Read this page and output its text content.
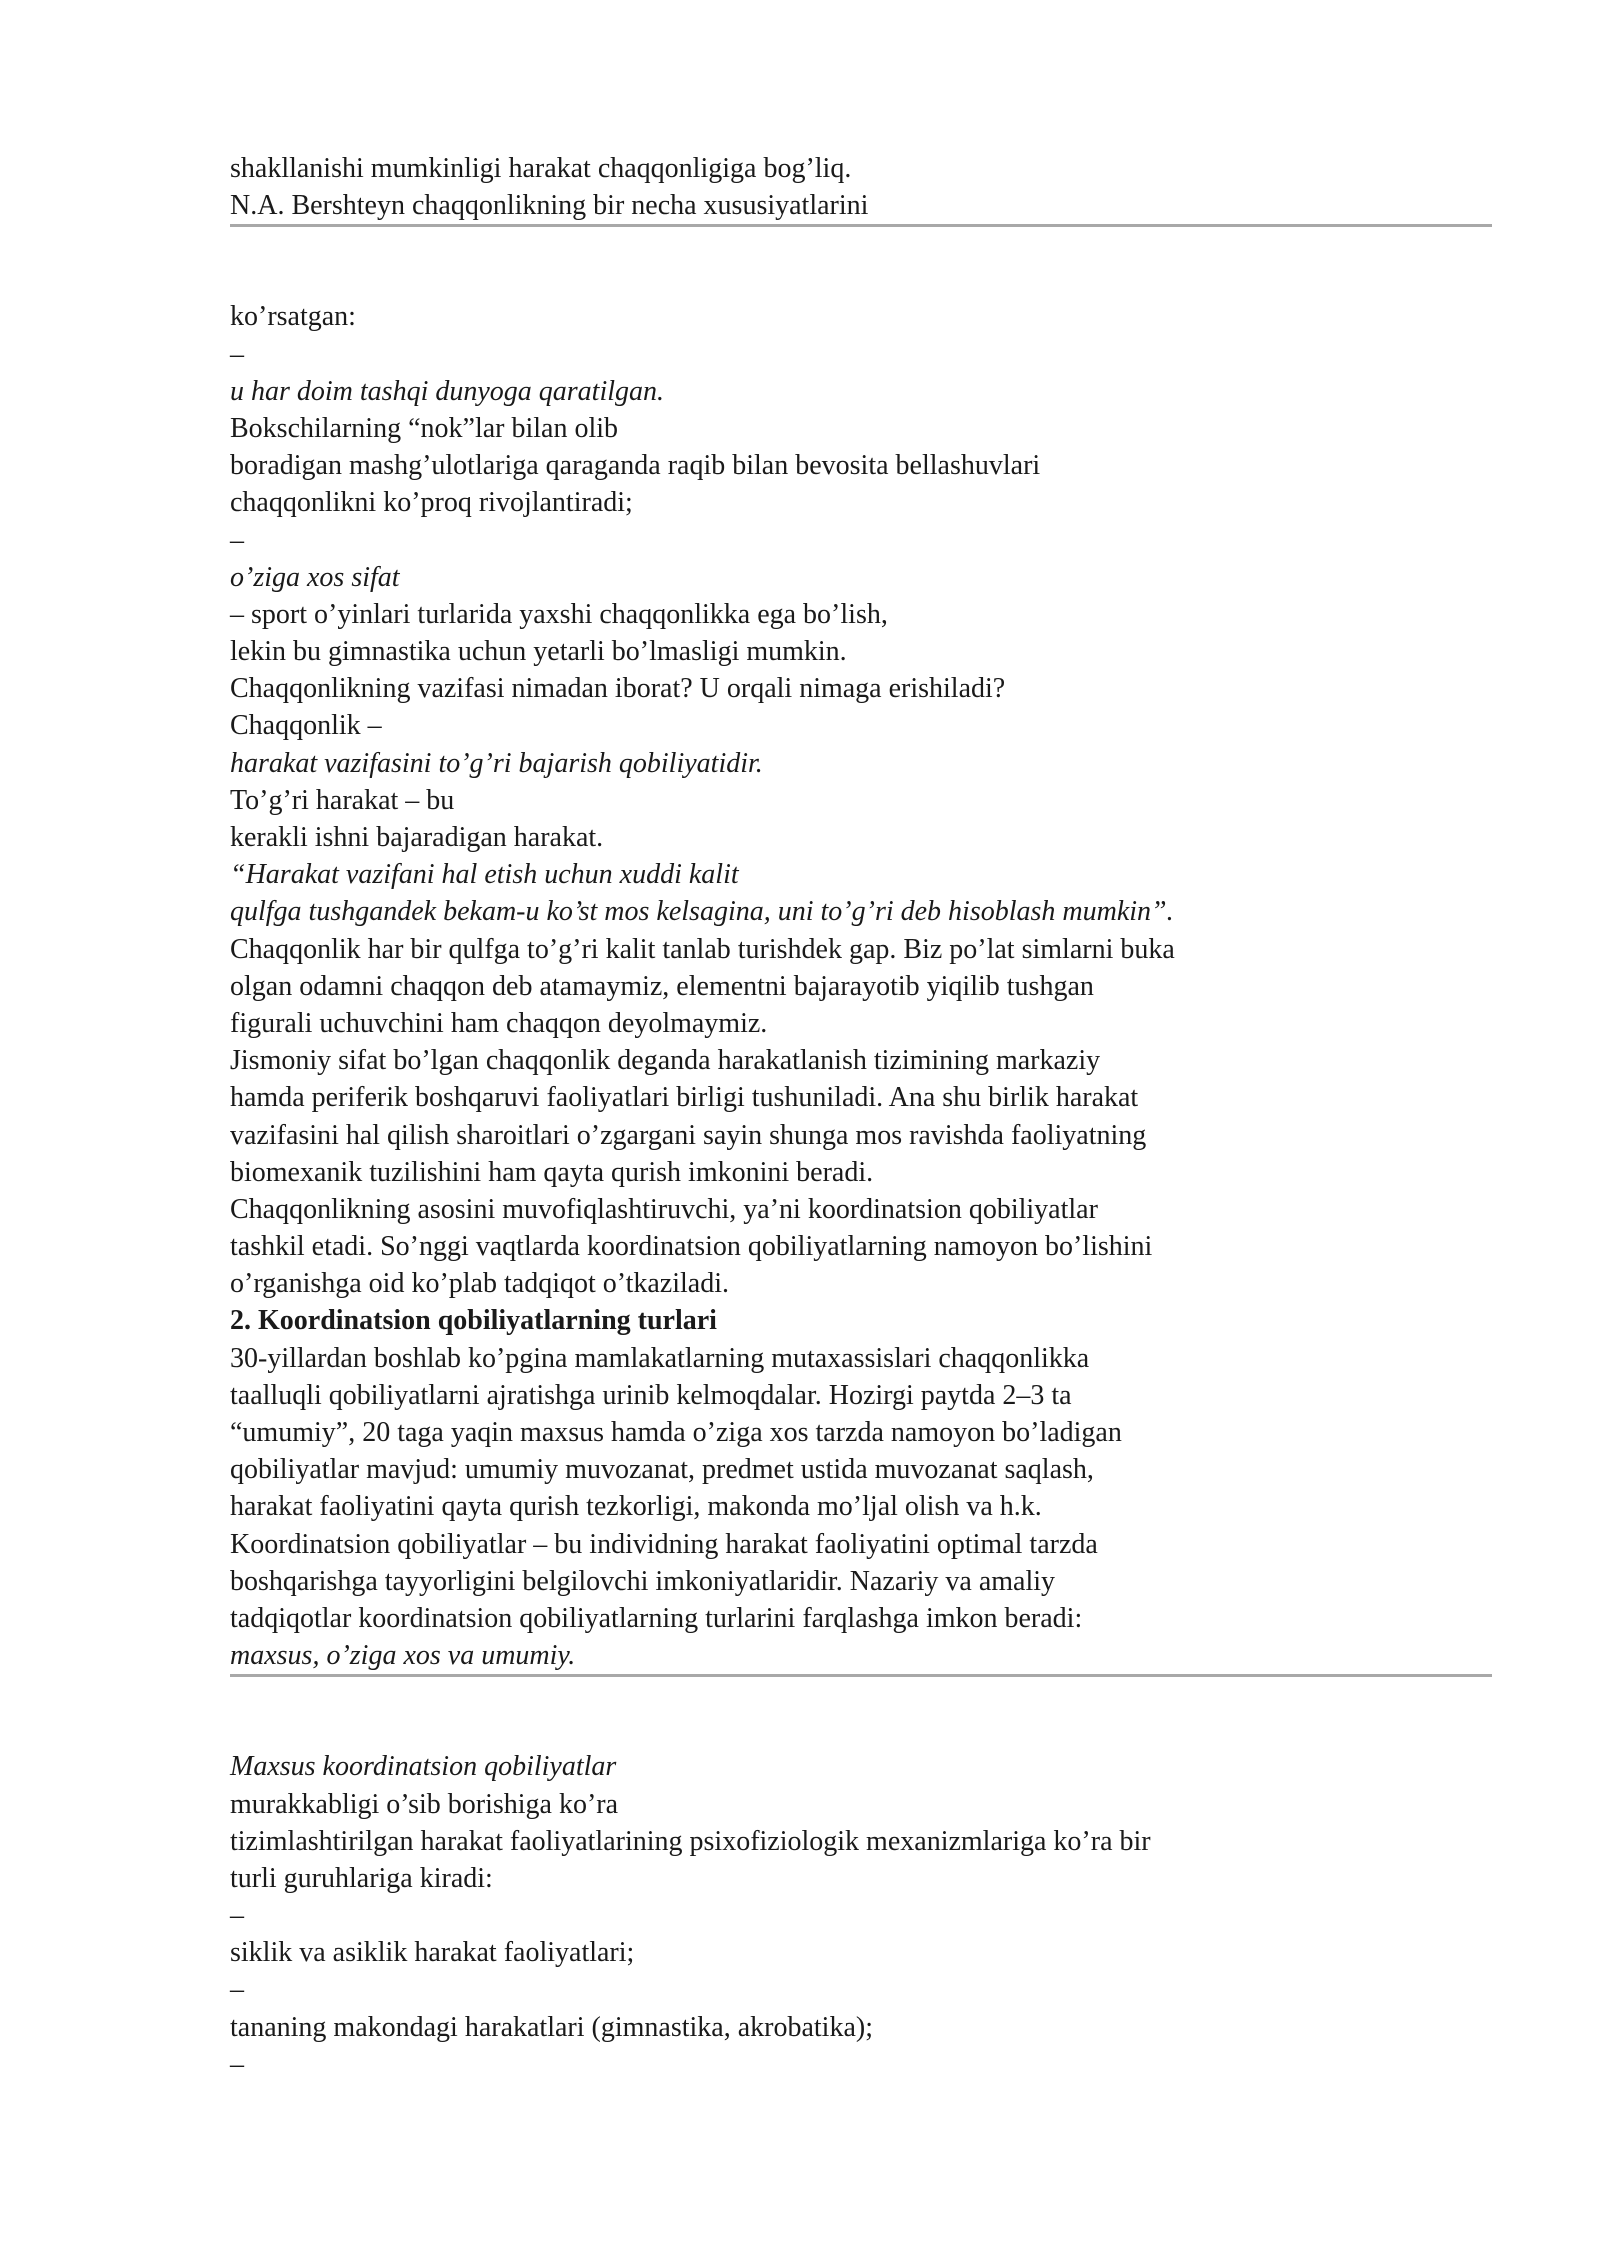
shakllanishi mumkinligi harakat chaqqonligiga bog’liq.
N.A. Bershteyn chaqqonlikning bir necha xususiyatlarini
ko’rsatgan:
–
u har doim tashqi dunyoga qaratilgan.
Bokschilarning “nok”lar bilan olib
boradigan mashg’ulotlariga qaraganda raqib bilan bevosita bellashuvlari
chaqqonlikni ko’proq rivojlantiradi;
–
o’ziga xos sifat
– sport o’yinlari turlarida yaxshi chaqqonlikka ega bo’lish,
lekin bu gimnastika uchun yetarli bo’lmasligi mumkin.
Chaqqonlikning vazifasi nimadan iborat? U orqali nimaga erishiladi?
Chaqqonlik –
harakat vazifasini to’g’ri bajarish qobiliyatidir.
To’g’ri harakat – bu
kerakli ishni bajaradigan harakat.
“Harakat vazifani hal etish uchun xuddi kalit
qulfga tushgandek bekam-u ko’st mos kelsagina, uni to’g’ri deb hisoblash mumkin”.
Chaqqonlik har bir qulfga to’g’ri kalit tanlab turishdek gap. Biz po’lat simlarni buka
olgan odamni chaqqon deb atamaymiz, elementni bajarayotib yiqilib tushgan
figurali uchuvchini ham chaqqon deyolmaymiz.
Jismoniy sifat bo’lgan chaqqonlik deganda harakatlanish tizimining markaziy
hamda periferik boshqaruvi faoliyatlari birligi tushuniladi. Ana shu birlik harakat
vazifasini hal qilish sharoitlari o’zgargani sayin shunga mos ravishda faoliyatning
biomexanik tuzilishini ham qayta qurish imkonini beradi.
Chaqqonlikning asosini muvofiqlashtiruvchi, ya’ni koordinatsion qobiliyatlar
tashkil etadi. So’nggi vaqtlarda koordinatsion qobiliyatlarning namoyon bo’lishini
o’rganishga oid ko’plab tadqiqot o’tkaziladi.
2. Koordinatsion qobiliyatlarning turlari
30-yillardan boshlab ko’pgina mamlakatlarning mutaxassislari chaqqonlikka
taalluqli qobiliyatlarni ajratishga urinib kelmoqdalar. Hozirgi paytda 2–3 ta
“umumiy”, 20 taga yaqin maxsus hamda o’ziga xos tarzda namoyon bo’ladigan
qobiliyatlar mavjud: umumiy muvozanat, predmet ustida muvozanat saqlash,
harakat faoliyatini qayta qurish tezkorligi, makonda mo’ljal olish va h.k.
Koordinatsion qobiliyatlar – bu individning harakat faoliyatini optimal tarzda
boshqarishga tayyorligini belgilovchi imkoniyatlaridir. Nazariy va amaliy
tadqiqotlar koordinatsion qobiliyatlarning turlarini farqlashga imkon beradi:
maxsus, o’ziga xos va umumiy.
Maxsus koordinatsion qobiliyatlar
murakkabligi o’sib borishiga ko’ra
tizimlashtirilgan harakat faoliyatlarining psixofiziologik mexanizmlariga ko’ra bir
turli guruhlariga kiradi:
–
siklik va asiklik harakat faoliyatlari;
–
tananing makondagi harakatlari (gimnastika, akrobatika);
–
